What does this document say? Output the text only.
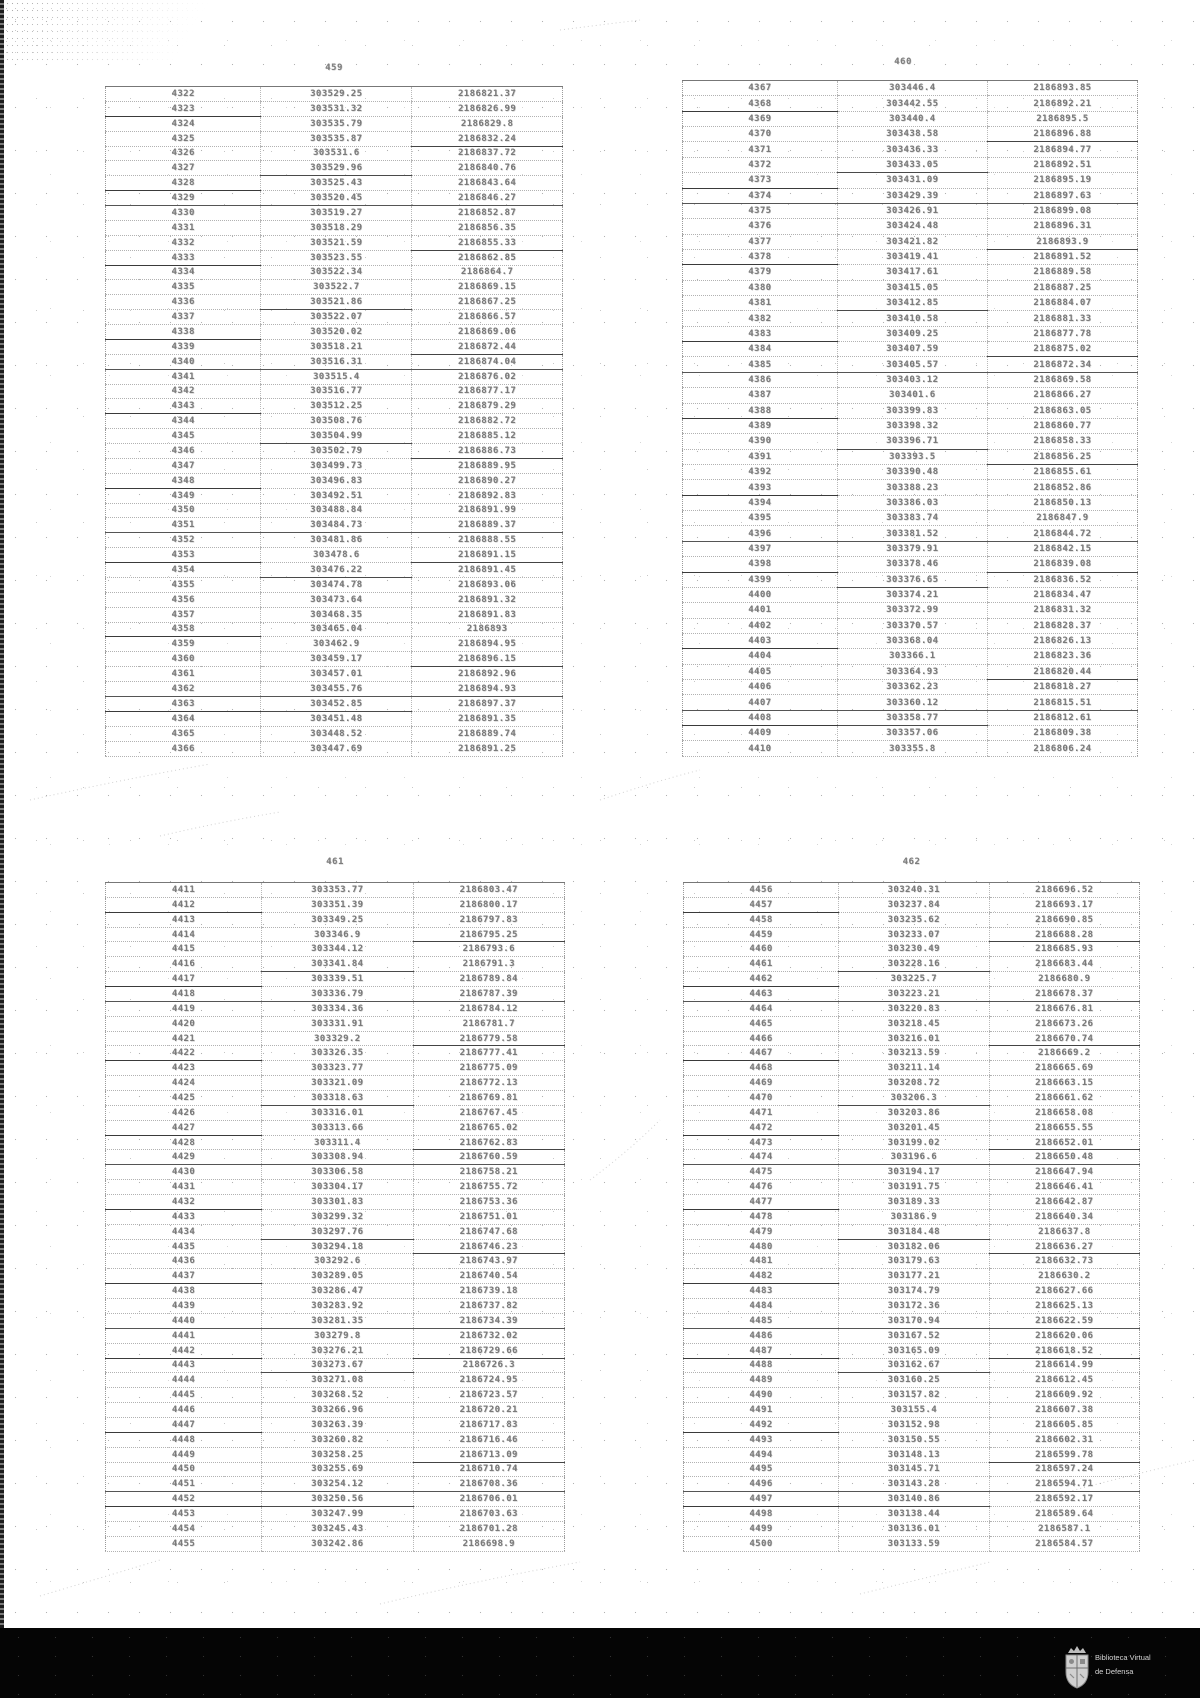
459
4322	303529.25	2186821.37
4323	303531.32	2186826.99
4324	303535.79	2186829.8
4325	303535.87	2186832.24
4326	303531.6	2186837.72
4327	303529.96	2186840.76
4328	303525.43	2186843.64
4329	303520.45	2186846.27
4330	303519.27	2186852.87
4331	303518.29	2186856.35
4332	303521.59	2186855.33
4333	303523.55	2186862.85
4334	303522.34	2186864.7
4335	303522.7	2186869.15
4336	303521.86	2186867.25
4337	303522.07	2186866.57
4338	303520.02	2186869.06
4339	303518.21	2186872.44
4340	303516.31	2186874.04
4341	303515.4	2186876.02
4342	303516.77	2186877.17
4343	303512.25	2186879.29
4344	303508.76	2186882.72
4345	303504.99	2186885.12
4346	303502.79	2186886.73
4347	303499.73	2186889.95
4348	303496.83	2186890.27
4349	303492.51	2186892.83
4350	303488.84	2186891.99
4351	303484.73	2186889.37
4352	303481.86	2186888.55
4353	303478.6	2186891.15
4354	303476.22	2186891.45
4355	303474.78	2186893.06
4356	303473.64	2186891.32
4357	303468.35	2186891.83
4358	303465.04	2186893
4359	303462.9	2186894.95
4360	303459.17	2186896.15
4361	303457.01	2186892.96
4362	303455.76	2186894.93
4363	303452.85	2186897.37
4364	303451.48	2186891.35
4365	303448.52	2186889.74
4366	303447.69	2186891.25
460
4367	303446.4	2186893.85
4368	303442.55	2186892.21
4369	303440.4	2186895.5
4370	303438.58	2186896.88
4371	303436.33	2186894.77
4372	303433.05	2186892.51
4373	303431.09	2186895.19
4374	303429.39	2186897.63
4375	303426.91	2186899.08
4376	303424.48	2186896.31
4377	303421.82	2186893.9
4378	303419.41	2186891.52
4379	303417.61	2186889.58
4380	303415.05	2186887.25
4381	303412.85	2186884.07
4382	303410.58	2186881.33
4383	303409.25	2186877.78
4384	303407.59	2186875.02
4385	303405.57	2186872.34
4386	303403.12	2186869.58
4387	303401.6	2186866.27
4388	303399.83	2186863.05
4389	303398.32	2186860.77
4390	303396.71	2186858.33
4391	303393.5	2186856.25
4392	303390.48	2186855.61
4393	303388.23	2186852.86
4394	303386.03	2186850.13
4395	303383.74	2186847.9
4396	303381.52	2186844.72
4397	303379.91	2186842.15
4398	303378.46	2186839.08
4399	303376.65	2186836.52
4400	303374.21	2186834.47
4401	303372.99	2186831.32
4402	303370.57	2186828.37
4403	303368.04	2186826.13
4404	303366.1	2186823.36
4405	303364.93	2186820.44
4406	303362.23	2186818.27
4407	303360.12	2186815.51
4408	303358.77	2186812.61
4409	303357.06	2186809.38
4410	303355.8	2186806.24
461
4411	303353.77	2186803.47
4412	303351.39	2186800.17
4413	303349.25	2186797.83
4414	303346.9	2186795.25
4415	303344.12	2186793.6
4416	303341.84	2186791.3
4417	303339.51	2186789.84
4418	303336.79	2186787.39
4419	303334.36	2186784.12
4420	303331.91	2186781.7
4421	303329.2	2186779.58
4422	303326.35	2186777.41
4423	303323.77	2186775.09
4424	303321.09	2186772.13
4425	303318.63	2186769.81
4426	303316.01	2186767.45
4427	303313.66	2186765.02
4428	303311.4	2186762.83
4429	303308.94	2186760.59
4430	303306.58	2186758.21
4431	303304.17	2186755.72
4432	303301.83	2186753.36
4433	303299.32	2186751.01
4434	303297.76	2186747.68
4435	303294.18	2186746.23
4436	303292.6	2186743.97
4437	303289.05	2186740.54
4438	303286.47	2186739.18
4439	303283.92	2186737.82
4440	303281.35	2186734.39
4441	303279.8	2186732.02
4442	303276.21	2186729.66
4443	303273.67	2186726.3
4444	303271.08	2186724.95
4445	303268.52	2186723.57
4446	303266.96	2186720.21
4447	303263.39	2186717.83
4448	303260.82	2186716.46
4449	303258.25	2186713.09
4450	303255.69	2186710.74
4451	303254.12	2186708.36
4452	303250.56	2186706.01
4453	303247.99	2186703.63
4454	303245.43	2186701.28
4455	303242.86	2186698.9
462
4456	303240.31	2186696.52
4457	303237.84	2186693.17
4458	303235.62	2186690.85
4459	303233.07	2186688.28
4460	303230.49	2186685.93
4461	303228.16	2186683.44
4462	303225.7	2186680.9
4463	303223.21	2186678.37
4464	303220.83	2186676.81
4465	303218.45	2186673.26
4466	303216.01	2186670.74
4467	303213.59	2186669.2
4468	303211.14	2186665.69
4469	303208.72	2186663.15
4470	303206.3	2186661.62
4471	303203.86	2186658.08
4472	303201.45	2186655.55
4473	303199.02	2186652.01
4474	303196.6	2186650.48
4475	303194.17	2186647.94
4476	303191.75	2186646.41
4477	303189.33	2186642.87
4478	303186.9	2186640.34
4479	303184.48	2186637.8
4480	303182.06	2186636.27
4481	303179.63	2186632.73
4482	303177.21	2186630.2
4483	303174.79	2186627.66
4484	303172.36	2186625.13
4485	303170.94	2186622.59
4486	303167.52	2186620.06
4487	303165.09	2186618.52
4488	303162.67	2186614.99
4489	303160.25	2186612.45
4490	303157.82	2186609.92
4491	303155.4	2186607.38
4492	303152.98	2186605.85
4493	303150.55	2186602.31
4494	303148.13	2186599.78
4495	303145.71	2186597.24
4496	303143.28	2186594.71
4497	303140.86	2186592.17
4498	303138.44	2186589.64
4499	303136.01	2186587.1
4500	303133.59	2186584.57
Biblioteca Virtual
de Defensa
